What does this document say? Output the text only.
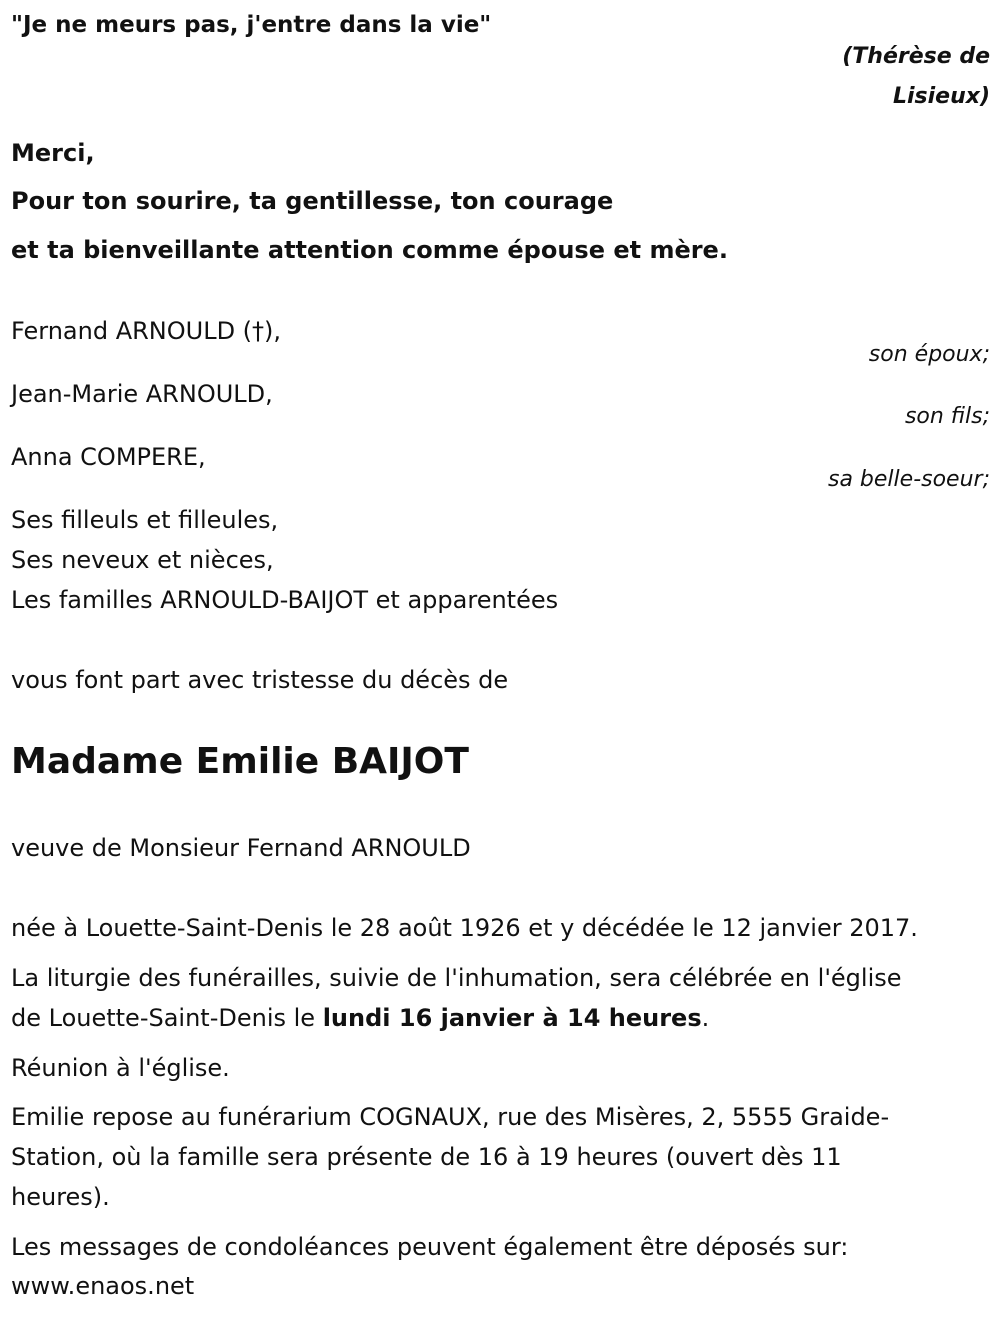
"Je ne meurs pas, j'entre dans la vie"
(Thérèse de
Lisieux)
Merci,
Pour ton sourire, ta gentillesse, ton courage
et ta bienveillante attention comme épouse et mère.
Fernand ARNOULD (†),
son époux;
Jean-Marie ARNOULD,
son fils;
Anna COMPERE,
sa belle-soeur;
Ses filleuls et filleules,
Ses neveux et nièces,
Les familles ARNOULD-BAIJOT et apparentées
vous font part avec tristesse du décès de
Madame Emilie BAIJOT
veuve de Monsieur Fernand ARNOULD
née à Louette-Saint-Denis le 28 août 1926 et y décédée le 12 janvier 2017.
La liturgie des funérailles, suivie de l'inhumation, sera célébrée en l'église
de Louette-Saint-Denis le lundi 16 janvier à 14 heures.
Réunion à l'église.
Emilie repose au funérarium COGNAUX, rue des Misères, 2, 5555 Graide-
Station, où la famille sera présente de 16 à 19 heures (ouvert dès 11
heures).
Les messages de condoléances peuvent également être déposés sur:
www.enaos.net
